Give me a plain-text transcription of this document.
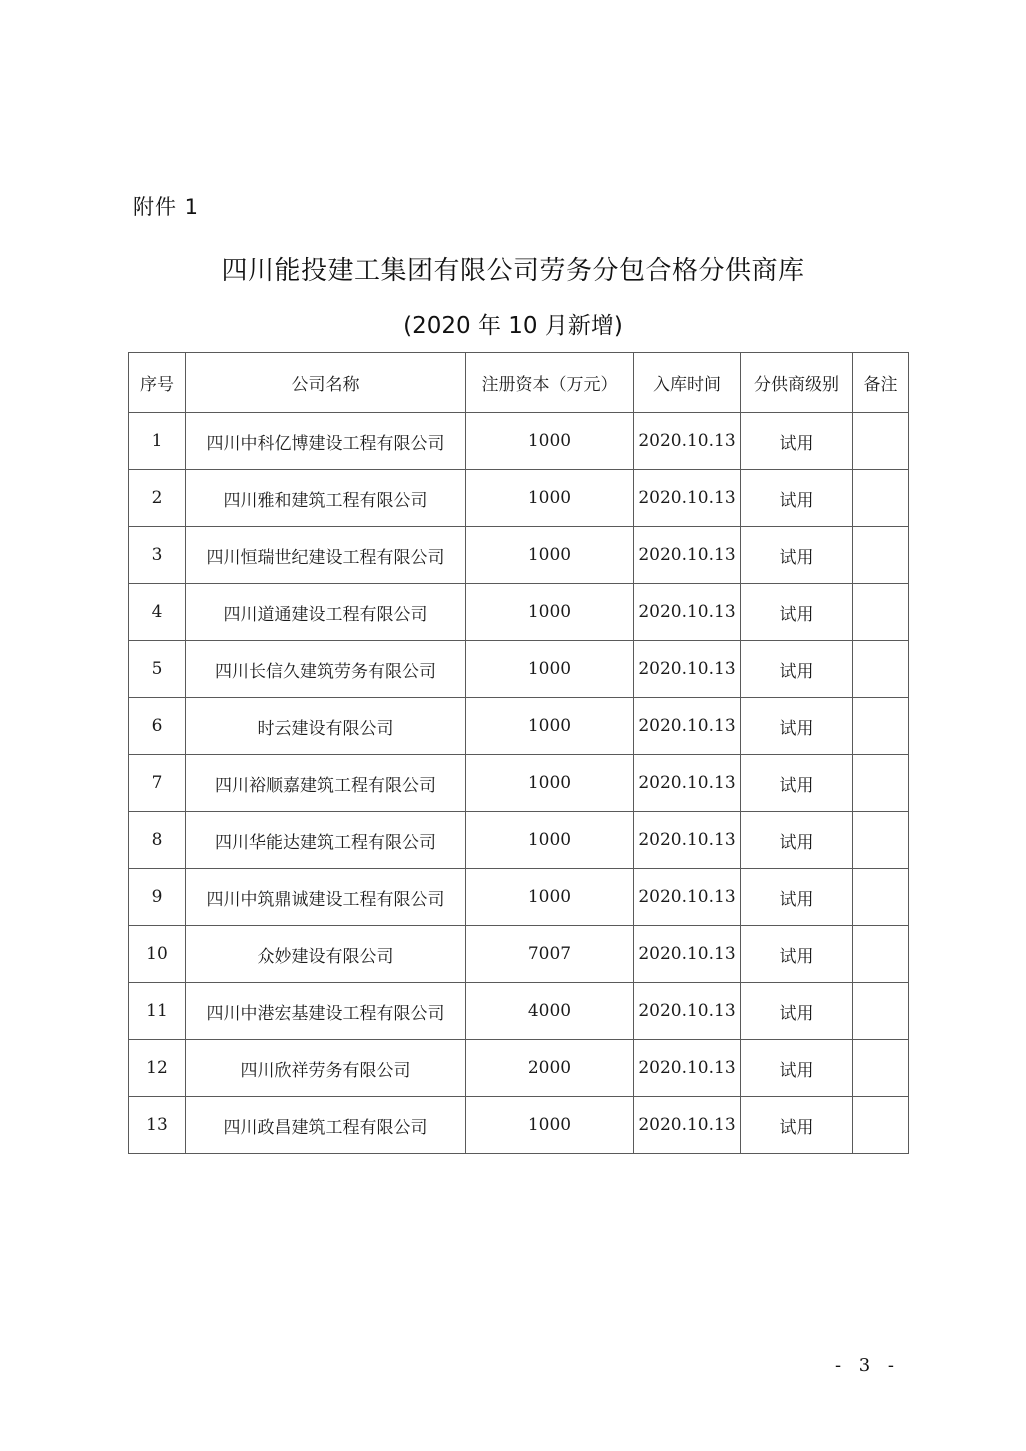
附件 1
四川能投建工集团有限公司劳务分包合格分供商库
(2020 年 10 月新增)
序号	公司名称	注册资本（万元）	入库时间	分供商级别	备注
1	四川中科亿博建设工程有限公司	1000	2020.10.13	试用	
2	四川雅和建筑工程有限公司	1000	2020.10.13	试用	
3	四川恒瑞世纪建设工程有限公司	1000	2020.10.13	试用	
4	四川道通建设工程有限公司	1000	2020.10.13	试用	
5	四川长信久建筑劳务有限公司	1000	2020.10.13	试用	
6	时云建设有限公司	1000	2020.10.13	试用	
7	四川裕顺嘉建筑工程有限公司	1000	2020.10.13	试用	
8	四川华能达建筑工程有限公司	1000	2020.10.13	试用	
9	四川中筑鼎诚建设工程有限公司	1000	2020.10.13	试用	
10	众妙建设有限公司	7007	2020.10.13	试用	
11	四川中港宏基建设工程有限公司	4000	2020.10.13	试用	
12	四川欣祥劳务有限公司	2000	2020.10.13	试用	
13	四川政昌建筑工程有限公司	1000	2020.10.13	试用	
- 3 -
